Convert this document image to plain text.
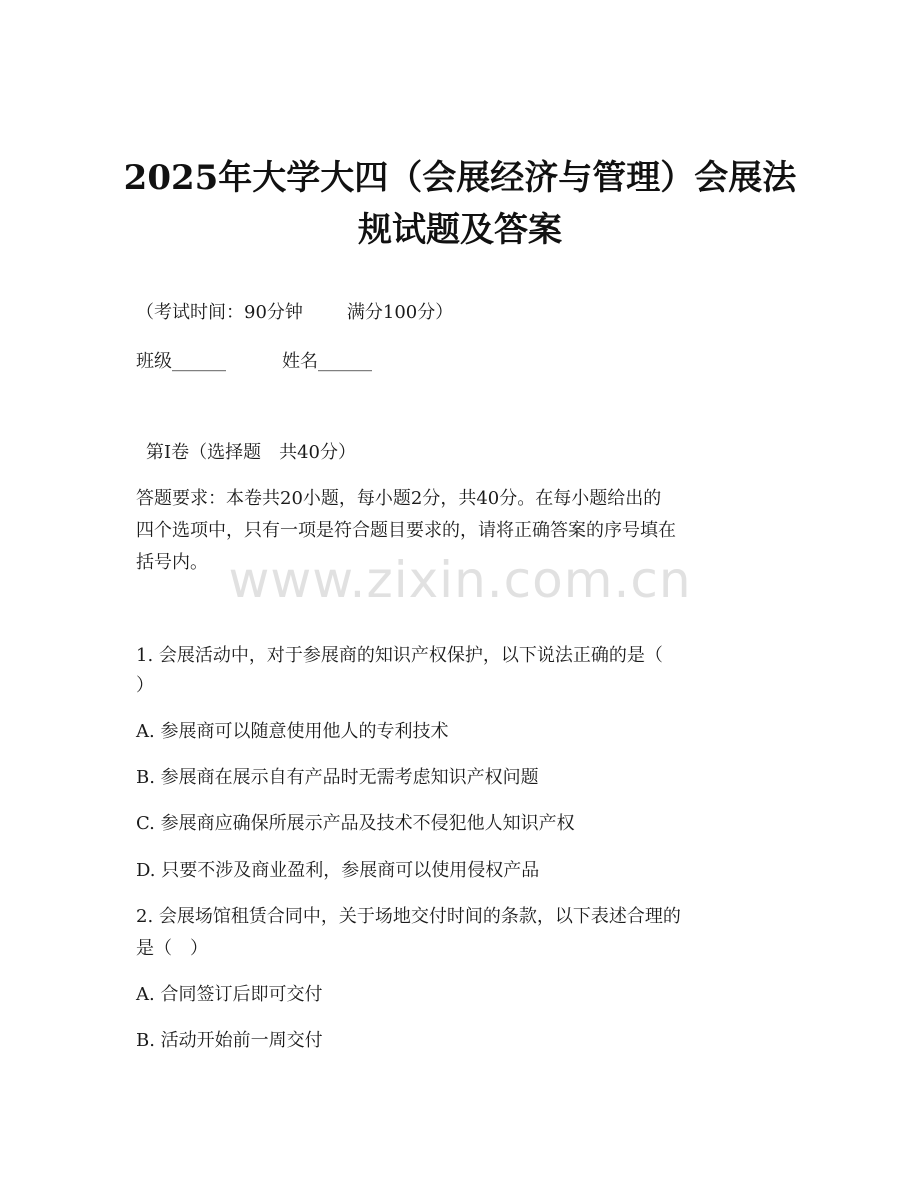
2025年大学大四（会展经济与管理）会展法
规试题及答案
（考试时间：90分钟 满分100分）
班级______	姓名______
第I卷（选择题　共40分）
答题要求：本卷共20小题，每小题2分，共40分。在每小题给出的
四个选项中，只有一项是符合题目要求的，请将正确答案的序号填在
括号内。 www.zixin.com.cn
1. 会展活动中，对于参展商的知识产权保护，以下说法正确的是（
）
A. 参展商可以随意使用他人的专利技术
B. 参展商在展示自有产品时无需考虑知识产权问题
C. 参展商应确保所展示产品及技术不侵犯他人知识产权
D. 只要不涉及商业盈利，参展商可以使用侵权产品
2. 会展场馆租赁合同中，关于场地交付时间的条款，以下表述合理的
是（　）
A. 合同签订后即可交付
B. 活动开始前一周交付
